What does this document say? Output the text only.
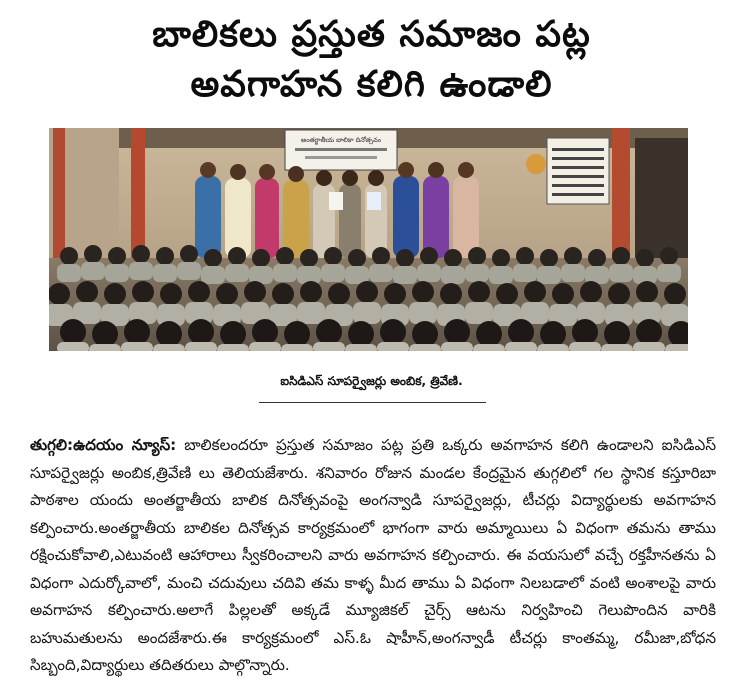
బాలికలు ప్రస్తుత సమాజం పట్ల
అవగాహన కలిగి ఉండాలి
అంతర్జాతీయ బాలికా దినోత్సవం
ఐసిడిఎస్ సూపర్వైజర్లు అంబిక, త్రివేణి.
తుగ్గలి:ఉదయం న్యూస్: బాలికలందరూ ప్రస్తుత సమాజం పట్ల ప్రతి ఒక్కరు అవగాహన కలిగి ఉండాలని ఐసిడిఎస్ సూపర్వైజర్లు అంబిక,త్రివేణి లు తెలియజేశారు. శనివారం రోజున మండల కేంద్రమైన తుగ్గలిలో గల స్థానిక కస్తూరిబా పాఠశాల యందు అంతర్జాతీయ బాలిక దినోత్సవంపై అంగన్వాడి సూపర్వైజర్లు, టీచర్లు విద్యార్థులకు అవగాహన కల్పించారు.అంతర్జాతీయ బాలికల దినోత్సవ కార్యక్రమంలో భాగంగా వారు అమ్మాయిలు ఏ విధంగా తమను తాము రక్షించుకోవాలి,ఎటువంటి ఆహారాలు స్వీకరించాలని వారు అవగాహన కల్పించారు. ఈ వయసులో వచ్చే రక్తహీనతను ఏ విధంగా ఎదుర్కోవాలో, మంచి చదువులు చదివి తమ కాళ్ళ మీద తాము ఏ విధంగా నిలబడాలో వంటి అంశాలపై వారు అవగాహన కల్పించారు.అలాగే పిల్లలతో అక్కడే మ్యూజికల్ చైర్స్ ఆటను నిర్వహించి గెలుపొందిన వారికి బహుమతులను అందజేశారు.ఈ కార్యక్రమంలో ఎస్.ఓ షాహీన్,అంగన్వాడీ టీచర్లు కాంతమ్మ, రమీజా,బోధన సిబ్బంది,విద్యార్థులు తదితరులు పాల్గొన్నారు.
